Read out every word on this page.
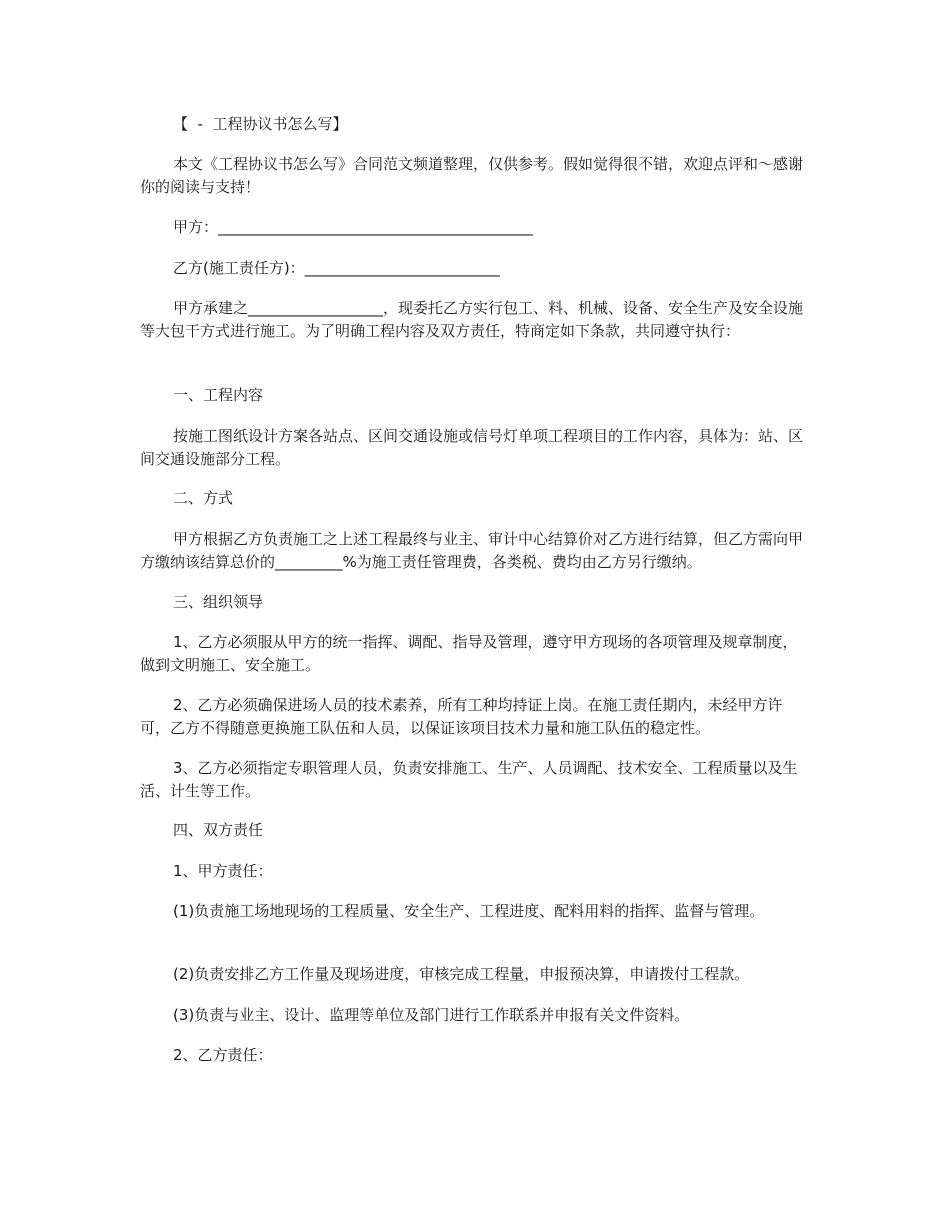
【  -  工程协议书怎么写】

本文《工程协议书怎么写》合同范文频道整理，仅供参考。假如觉得很不错，欢迎点评和～感谢你的阅读与支持！

甲方：__________________________________________

乙方(施工责任方)：__________________________

甲方承建之__________________，现委托乙方实行包工、料、机械、设备、安全生产及安全设施等大包干方式进行施工。为了明确工程内容及双方责任，特商定如下条款，共同遵守执行：

一、工程内容

按施工图纸设计方案各站点、区间交通设施或信号灯单项工程项目的工作内容，具体为：站、区间交通设施部分工程。

二、方式

甲方根据乙方负责施工之上述工程最终与业主、审计中心结算价对乙方进行结算，但乙方需向甲方缴纳该结算总价的_________%为施工责任管理费，各类税、费均由乙方另行缴纳。

三、组织领导

1、乙方必须服从甲方的统一指挥、调配、指导及管理，遵守甲方现场的各项管理及规章制度，做到文明施工、安全施工。

2、乙方必须确保进场人员的技术素养，所有工种均持证上岗。在施工责任期内，未经甲方许可，乙方不得随意更换施工队伍和人员，以保证该项目技术力量和施工队伍的稳定性。

3、乙方必须指定专职管理人员，负责安排施工、生产、人员调配、技术安全、工程质量以及生活、计生等工作。

四、双方责任

1、甲方责任：

(1)负责施工场地现场的工程质量、安全生产、工程进度、配料用料的指挥、监督与管理。

(2)负责安排乙方工作量及现场进度，审核完成工程量，申报预决算，申请拨付工程款。

(3)负责与业主、设计、监理等单位及部门进行工作联系并申报有关文件资料。

2、乙方责任：
